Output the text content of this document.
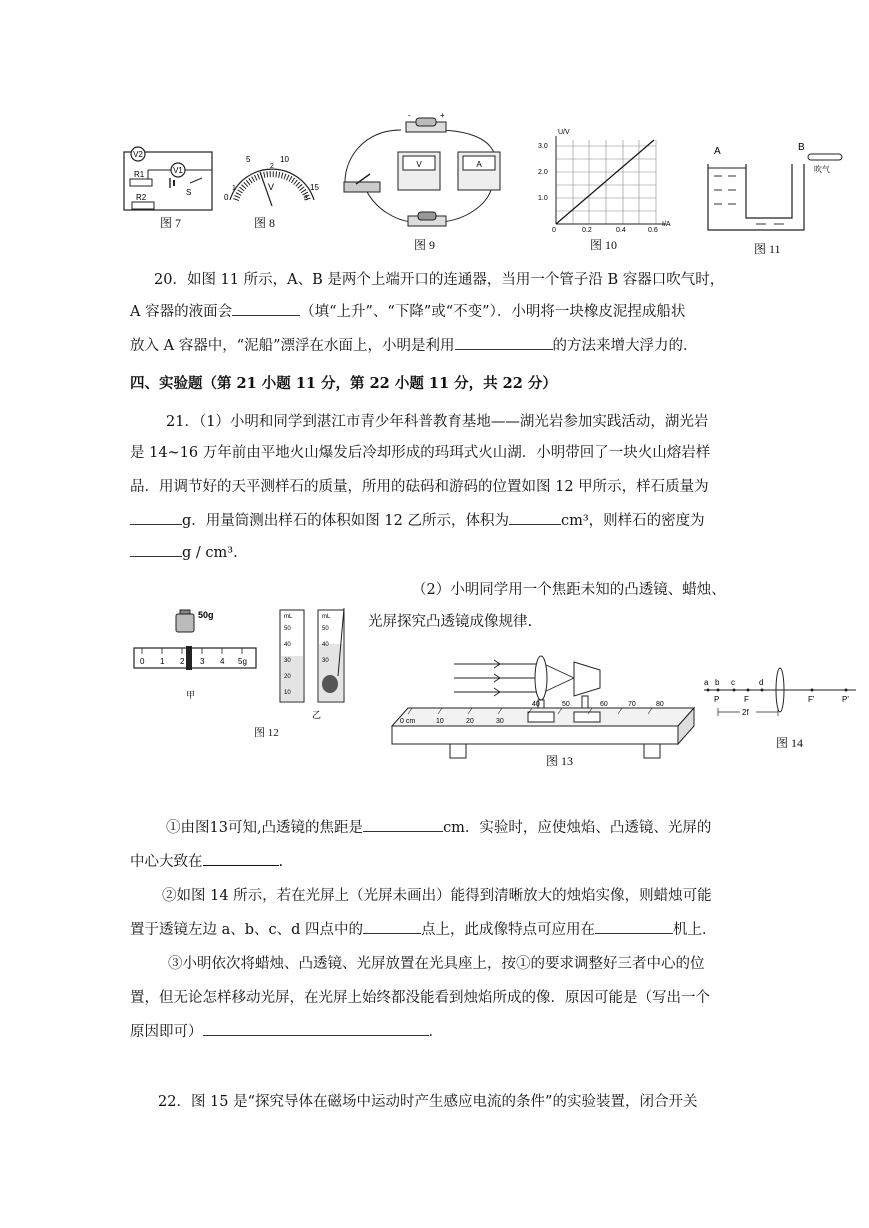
V2
V1
R1
S
R2
图 7
0
5	10
15
1
2
3
V
图 8
-	+
V	A
图 9
U/V
3.0
2.0
1.0
0	0.2	0.4	0.6
I/A
图 10
A	B
吹气
图 11
20．如图 11 所示，A、B 是两个上端开口的连通器，当用一个管子沿 B 容器口吹气时，
A 容器的液面会	（填“上升”、“下降”或“不变”）．小明将一块橡皮泥捏成船状
放入 A 容器中，“泥船”漂浮在水面上，小明是利用	的方法来增大浮力的．
四、实验题（第 21 小题 11 分，第 22 小题 11 分，共 22 分）
21．（1）小明和同学到湛江市青少年科普教育基地——湖光岩参加实践活动，湖光岩
是 14~16 万年前由平地火山爆发后冷却形成的玛珥式火山湖．小明带回了一块火山熔岩样
品．用调节好的天平测样石的质量，所用的砝码和游码的位置如图 12 甲所示，样石质量为
g．用量筒测出样石的体积如图 12 乙所示，体积为	cm³，则样石的密度为
g / cm³.
（2）小明同学用一个焦距未知的凸透镜、蜡烛、
光屏探究凸透镜成像规律.
50g
0 1 2 3 4 5g
甲
mL	mL
50
40
30
20
10
50
40
30
乙
图 12
0 cm	10	20	30
40	50	60	70	80
图 13
a b c	d
P	F	F'	P'
2f
图 14
①由图13可知,凸透镜的焦距是	cm．实验时，应使烛焰、凸透镜、光屏的
中心大致在	.
②如图 14 所示，若在光屏上（光屏未画出）能得到清晰放大的烛焰实像，则蜡烛可能
置于透镜左边 a、b、c、d 四点中的	点上，此成像特点可应用在	机上．
③小明依次将蜡烛、凸透镜、光屏放置在光具座上，按①的要求调整好三者中心的位
置，但无论怎样移动光屏，在光屏上始终都没能看到烛焰所成的像．原因可能是（写出一个
原因即可）	．
22．图 15 是“探究导体在磁场中运动时产生感应电流的条件”的实验装置，闭合开关
